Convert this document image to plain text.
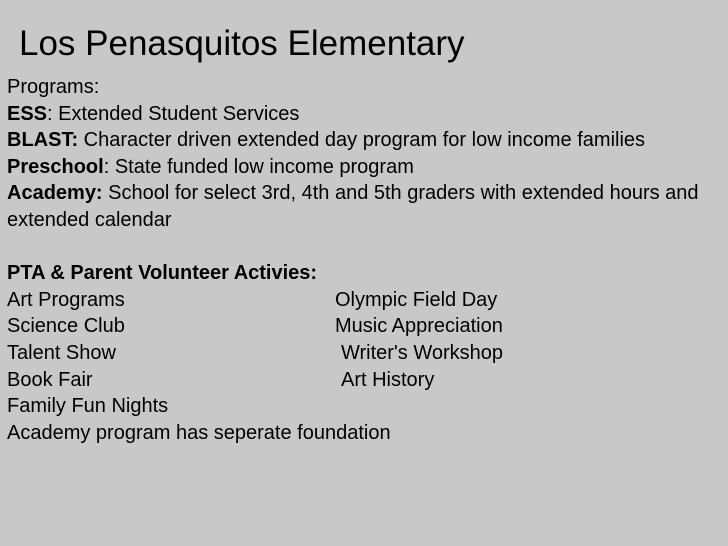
Los Penasquitos Elementary
Programs:
ESS: Extended Student Services
BLAST: Character driven extended day program for low income families
Preschool: State funded low income program
Academy: School for select 3rd, 4th and 5th graders with extended hours and extended calendar
PTA & Parent Volunteer Activies:
Art Programs	Olympic Field Day
Science Club	Music Appreciation
Talent Show	Writer's Workshop
Book Fair	Art History
Family Fun Nights
Academy program has seperate foundation
